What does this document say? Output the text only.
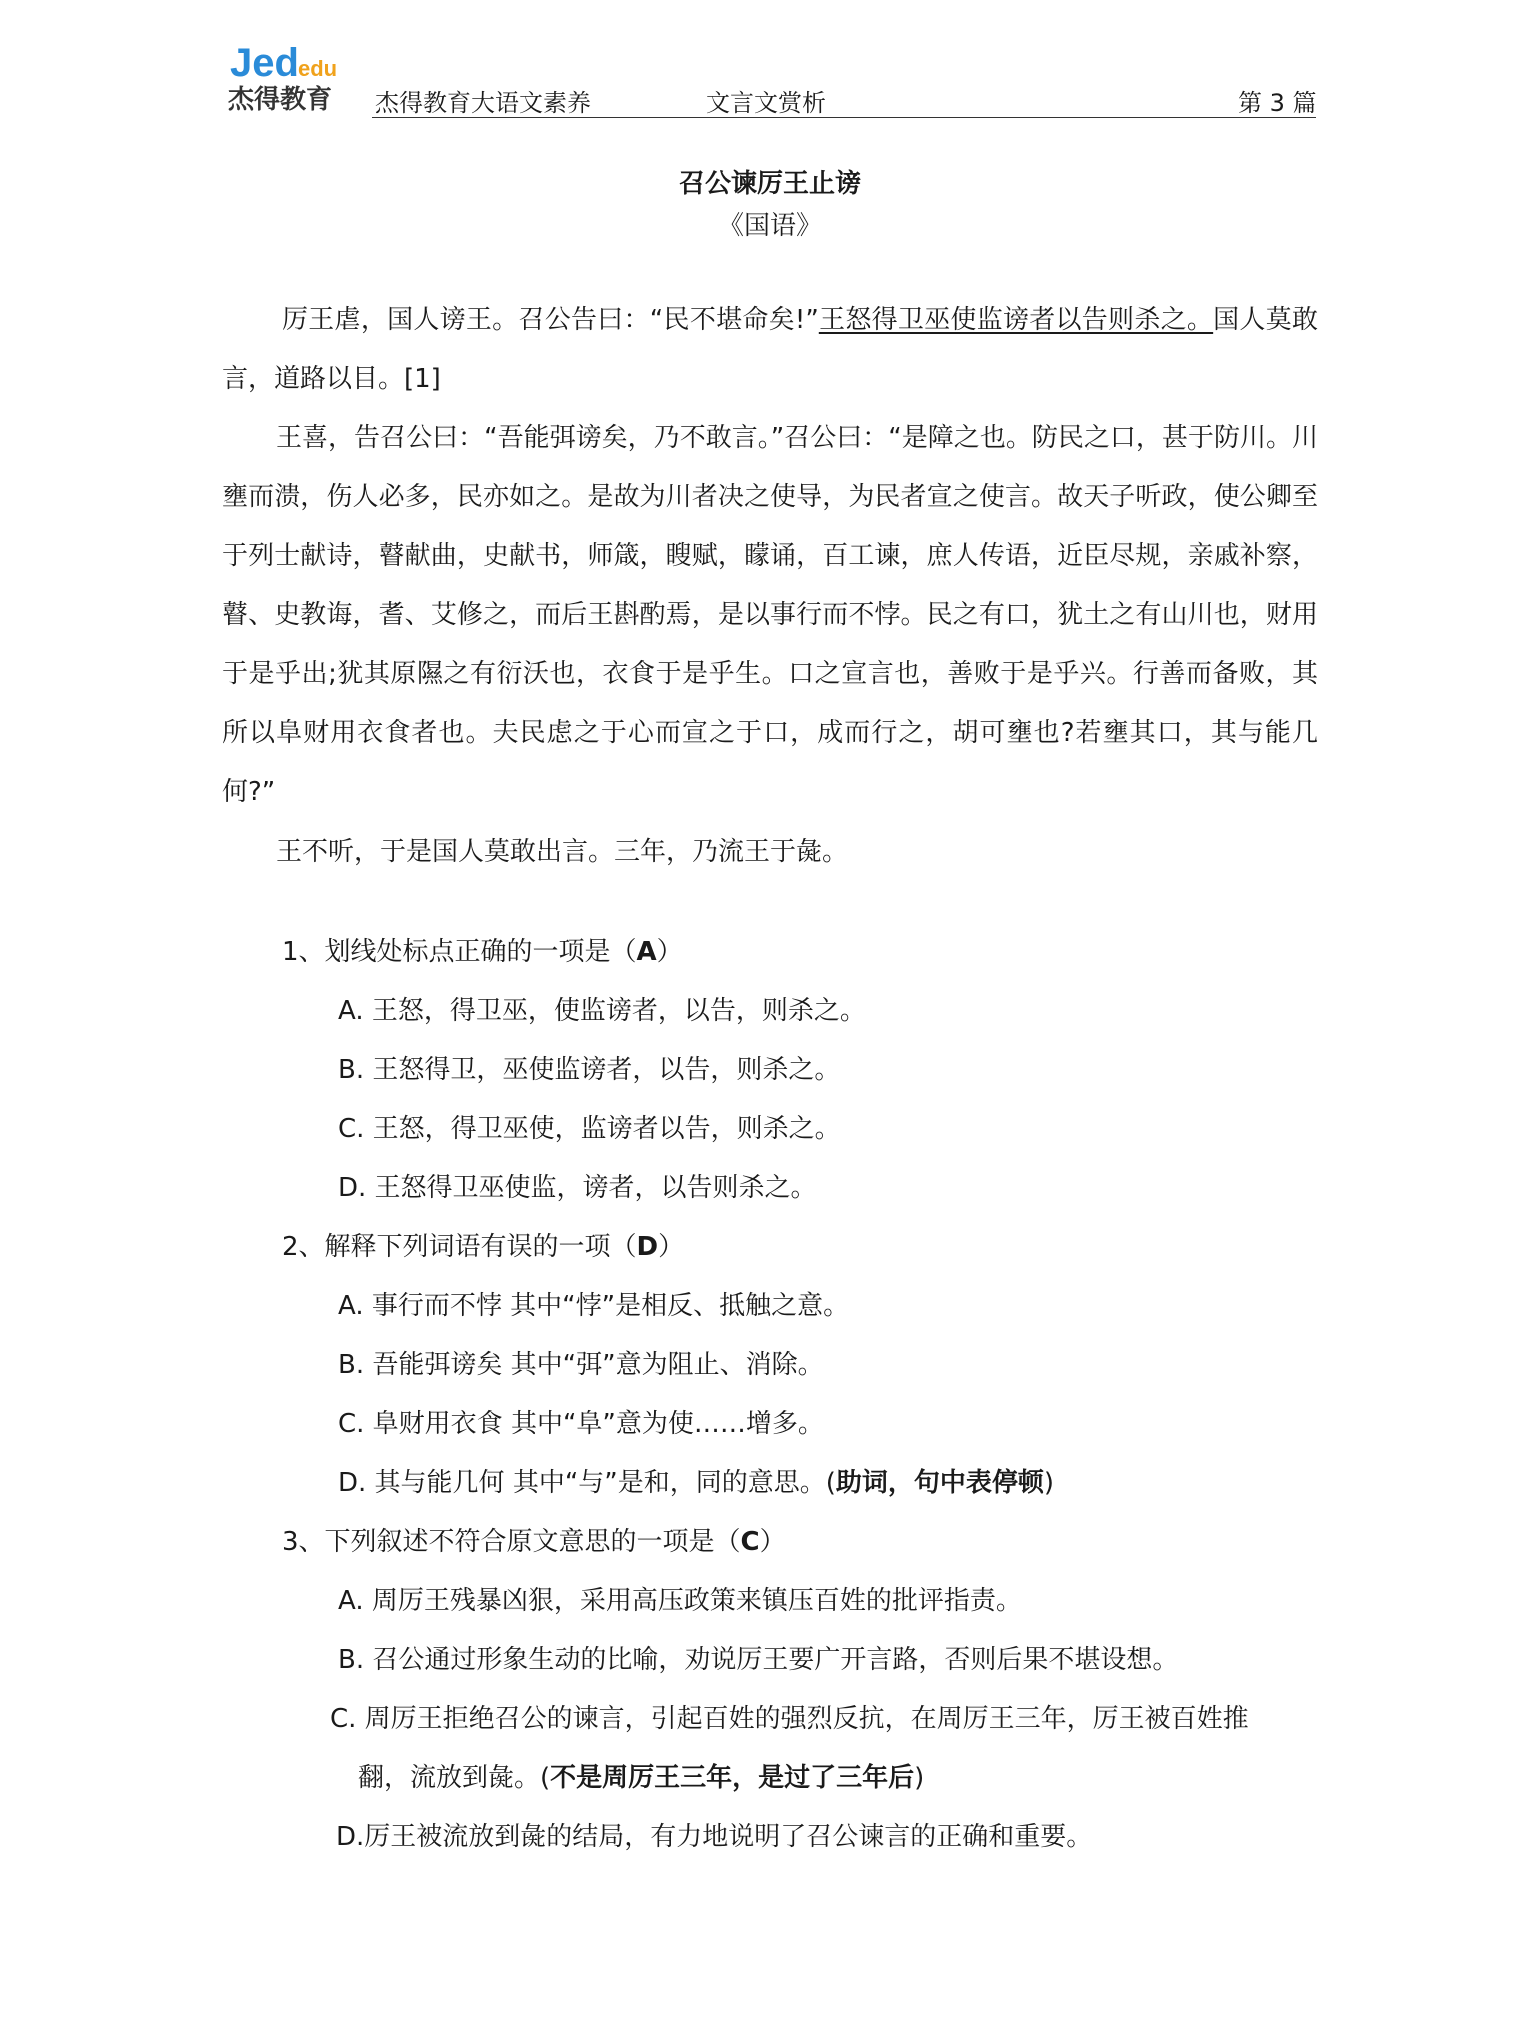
Jed edu
杰得教育 杰得教育大语文素养	文言文赏析	第 3 篇
召公谏厉王止谤
《国语》
厉王虐，国人谤王。召公告曰：“民不堪命矣!”王怒得卫巫使监谤者以告则杀之。国人莫敢言，道路以目。[1]
王喜，告召公曰：“吾能弭谤矣，乃不敢言。”召公曰：“是障之也。防民之口，甚于防川。川壅而溃，伤人必多，民亦如之。是故为川者决之使导，为民者宣之使言。故天子听政，使公卿至于列士献诗，瞽献曲，史献书，师箴，瞍赋，矇诵，百工谏，庶人传语，近臣尽规，亲戚补察，瞽、史教诲，耆、艾修之，而后王斟酌焉，是以事行而不悖。民之有口，犹土之有山川也，财用于是乎出;犹其原隰之有衍沃也，衣食于是乎生。口之宣言也，善败于是乎兴。行善而备败，其所以阜财用衣食者也。夫民虑之于心而宣之于口，成而行之，胡可壅也?若壅其口，其与能几何?”
王不听，于是国人莫敢出言。三年，乃流王于彘。
1、划线处标点正确的一项是（A）
A. 王怒，得卫巫，使监谤者，以告，则杀之。
B. 王怒得卫，巫使监谤者，以告，则杀之。
C. 王怒，得卫巫使，监谤者以告，则杀之。
D. 王怒得卫巫使监，谤者，以告则杀之。
2、解释下列词语有误的一项（D）
A. 事行而不悖 其中“悖”是相反、抵触之意。
B. 吾能弭谤矣 其中“弭”意为阻止、消除。
C. 阜财用衣食 其中“阜”意为使……增多。
D. 其与能几何 其中“与”是和，同的意思。(助词，句中表停顿)
3、下列叙述不符合原文意思的一项是（C）
A. 周厉王残暴凶狠，采用高压政策来镇压百姓的批评指责。
B. 召公通过形象生动的比喻，劝说厉王要广开言路，否则后果不堪设想。
C. 周厉王拒绝召公的谏言，引起百姓的强烈反抗，在周厉王三年，厉王被百姓推
翻，流放到彘。(不是周厉王三年，是过了三年后)
D.厉王被流放到彘的结局，有力地说明了召公谏言的正确和重要。
